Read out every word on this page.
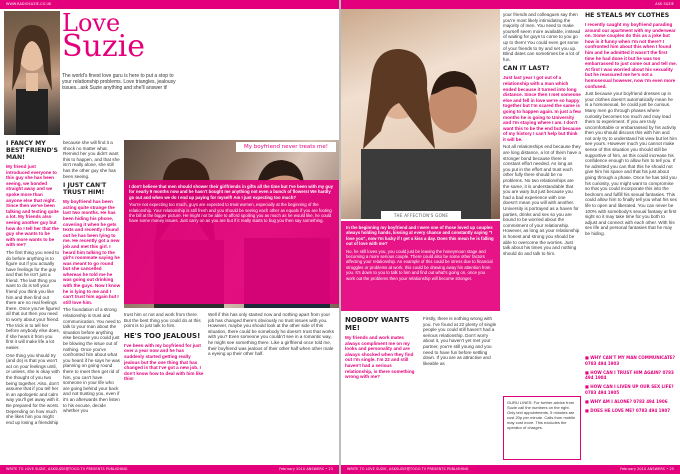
WWW.RADIOSUZIE.CO.UK
Love
Suzie
The world's finest love guru is here to put a stop to your relationship problems. Love triangles, jealousy issues...ask Suzie anything and she'll answer it!
I FANCY MY BEST FRIEND'S MAN!

My friend just introduced everyone to this guy she has been seeing, we bonded straight away and we spoke more than anyone else that night. Since then we've been talking and texting quite a lot. My friends also seeing another guy but how do I tell her that the guy she wants to be with more wants to be with me?

The first thing you need to do before anything is to figure out if you actually have feelings for the guy and that he isn't just a friend. The last thing you want to do is tell your friend you think you like him and then find out there are no real feelings there. Once you've figured all that out then you need to worry about your friend. The trick is to tell her before anybody else does, if she hears it from you first it will make life a lot easier.

One thing you should try (and do) is that you won't act on your feelings until, or unless, she is okay with the thought of you two being together. Also, don't assume that if you tell her in an apologetic and calm way you'll get away with it. Be prepared for the worst. Depending on how much she likes him you might end up losing a friendship

because she will find it a shock no matter what. Remind her you didn't want this to happen, and that she isn't really alone, she still has the other guy she has been seeing.

I JUST CAN'T TRUST HIM!

My boyfriend has been acting quite strange the last two months. He has been hiding his phone, covering it when he gets texts and recently I found out he has been lying to me. He recently got a new job and met this girl. I heard him talking to the girl's roommate saying he was meant to go round but she cancelled whereas he told me he was going out drinking with the guys. Now I know he is lying to me and I can't trust him again but I still love him.

The foundation of a strong relationship is trust and communication. You need to talk to your man about the situation before anything else because you could just be blowing the issue out of nothing. Once you've confronted him about what you heard if he says he was planning on going round there to meet then get rid of him, you can't have someone in your life who are going behind your back and not trusting you, even if it's an afterwards then listen to his excuse, decide whether you

My boyfriend never treats me!

I don't believe that men should shower their girlfriends in gifts all the time but I've been with my guy for nearly 9 months now and he hasn't bought me anything not even a bunch of flowers! We hardly go out and when we do I end up paying for myself! Am I just expecting too much?

You're not expecting too much, guys are expected to treat women, especially at the beginning of the relationship. Your relationship is still fresh and you should be seeing each other as equals if you are footing the bill at the bigger picture. He might not be able to afford spoiling you as much as he would like, he could have some money issues. Just carry on as you are but if it really starts to bug you then say something.

trust him or not and work from there. But the best thing you could do at this point is to just talk to him.

HE'S TOO JEALOUS!

I've been with my boyfriend for just over a year now and he has suddenly started getting really jealous but the one thing that has changed is that I've got a new job. I don't know how to deal with him like this!

Well if this has only started now and nothing apart from your job has changed there's obviously no trust issues with you. However, maybe you should look at the other side of this situation, there could be somebody he doesn't trust that works with you? Even someone you couldn't see in a romantic way, he might see something there. Like a girlfriend once told me, their boyfriend was jealous of their other half when other male a eyeing up their other half.

WRITE TO LOVE SUZIE, ASKSUZIE@TOGO.TV PRESENTS PUBLISHING	February 2010 ANSWERS • 23
ASK SUZIE
THE AFFECTION'S GONE

In the beginning my boyfriend and I were one of those loved up couples always holding hands, kissing at every chance and constantly saying "I love you", now I'm lucky if I get a kiss a day. Does this mean he is falling out of love with me?

No, he still loves you, you could just be leaving the honeymoon stage and becoming a more serious couple. There could also be some other factors affecting your relationship. An example of this could be stress due to financial struggles or problems at work, this could be drawing away his attention from you. It's down to you to talk to him and find out what's going on, once you work out the problems then your relationship will become stronger.

NOBODY WANTS ME!

My friends and work mates always compliment me on my looks and personality and are always shocked when they find out I'm single. I'm 22 and still haven't had a serious relationship, is there something wrong with me?

Firstly, there is nothing wrong with you. I've found at 22 plenty of single people you could still haven't had a serious relationship. Don't worry about it, you haven't yet met your partner, you're still young and you need to have fun before settling down. If you are as attractive and likeable as

your friends and colleagues say then you're most likely intimidating the majority of men. You need to make yourself seem more available, instead of waiting for guys to come to you go up to them! You could even get some of your friends to try and set you up. Blind dates can sometimes be a lot of fun.

CAN IT LAST?

Just last year I got out of a relationship with a man which ended because it turned into long distance. Since then I met someone else and fell in love we're so happy together but I'm scared the same is going to happen again. In just a few months he is going to University and I'm staying where I am. I don't want this to be the end but because of my history I can't help but think it will be.

Not all relationships end because they are long distance, a lot of them have a stronger bond because there is constant effort needed. As long as you put in the effort and trust each other fully there should be no problems. No two relationships are the same, it is understandable that you are wary but just because you had a bad experience with one doesn't mean you will with another. University is portrayed as a haven for parties, drinks and sex so you are bound to be worried about the commitment of your relationship. However, as long as your relationship is honest and strong you should be able to overcome the worries. Just talk about his times you and nothing should do and talk to him.

HE STEALS MY CLOTHES

I recently caught my boyfriend parading around our apartment with my underwear on. Some couples do this as a joke but how is it funny when I'm not there? I confronted him about this when I found him and he admitted it wasn't the first time he had done it but he was too embarrassed to just come out and tell me. At first I was worried about his sexuality but he reassured me he's not a homosexual however, now I'm even more confused.

Just because your boyfriend dresses up in your clothes doesn't automatically mean he is a homosexual, he could just be curious. Many men go through phases where curiosity becomes too much and may lead them to experiment. If you are truly uncomfortable or embarrassed by his activity then you should discuss this with him and not only try to understand his view but let him see yours. However much you cannot make sense of this situation you should still be supportive of him, as this could increase his confidence enough to allow him to tell you. If he admitted you can that this he should not give him his space and that his just about going through a phase. Once he has told you his curiosity, you might want to compromise so that you could incorporate this into the bedroom and fulfill his sexual fantasies. This could allow him to finally tell you what his sex life to open and liberated. You can never be 100% with somebody's sexual fantasy at first sight so it may take time for you both to adjust and connect with each other. With his sex life and personal fantasies that he may be hiding.

GURU LINES: For further advice from Suzie call the numbers on the right. Only text appointments, 5 minutes are cost 20p per minute. Calls from mobile may cost more. This excludes the operator of charges.
■ WHY CAN'T MY MAN COMMUNICATE? 0783 494 1903
■ HOW CAN I TRUST HIM AGAIN? 0783 494 1904
■ HOW CAN I LIVEN UP OUR SEX LIFE? 0783 494 1905
■ WHY AM I ALONE? 0783 494 1906
■ DOES HE LOVE ME? 0783 494 1907
WRITE TO LOVE SUZIE, ASKSUZIE@TOGO.TV PRESENTS PUBLISHING	February 2010 ANSWERS • 25
